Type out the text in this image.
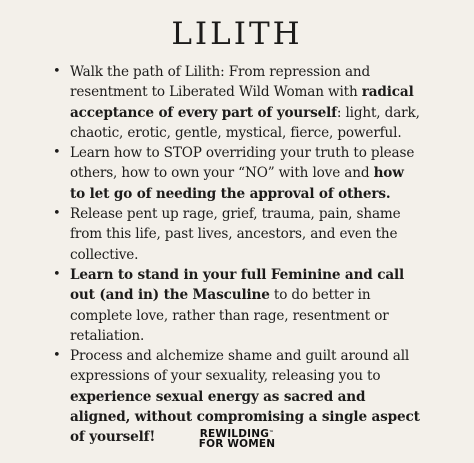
LILITH
• Walk the path of Lilith: From repression and resentment to Liberated Wild Woman with radical acceptance of every part of yourself: light, dark, chaotic, erotic, gentle, mystical, fierce, powerful.
• Learn how to STOP overriding your truth to please others, how to own your “NO” with love and how to let go of needing the approval of others.
• Release pent up rage, grief, trauma, pain, shame from this life, past lives, ancestors, and even the collective.
• Learn to stand in your full Feminine and call out (and in) the Masculine to do better in complete love, rather than rage, resentment or retaliation.
• Process and alchemize shame and guilt around all expressions of your sexuality, releasing you to experience sexual energy as sacred and aligned, without compromising a single aspect of yourself!	REWILDING™
FOR WOMEN
